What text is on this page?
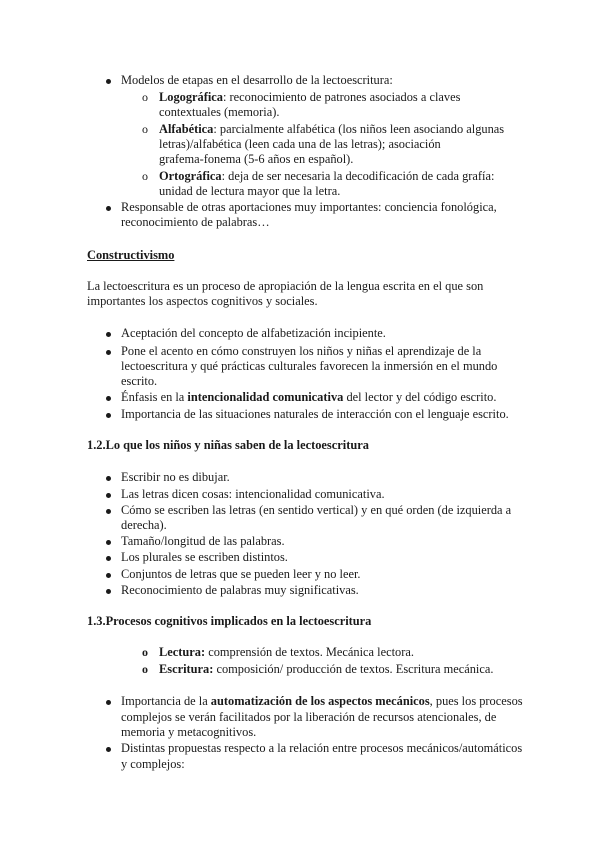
Modelos de etapas en el desarrollo de la lectoescritura:
o Logográfica: reconocimiento de patrones asociados a claves
contextuales (memoria).
o Alfabética: parcialmente alfabética (los niños leen asociando algunas
letras)/alfabética (leen cada una de las letras); asociación
grafema-fonema (5-6 años en español).
o Ortográfica: deja de ser necesaria la decodificación de cada grafía:
unidad de lectura mayor que la letra.
Responsable de otras aportaciones muy importantes: conciencia fonológica,
reconocimiento de palabras…
Constructivismo
La lectoescritura es un proceso de apropiación de la lengua escrita en el que son
importantes los aspectos cognitivos y sociales.
Aceptación del concepto de alfabetización incipiente.
Pone el acento en cómo construyen los niños y niñas el aprendizaje de la
lectoescritura y qué prácticas culturales favorecen la inmersión en el mundo
escrito.
Énfasis en la intencionalidad comunicativa del lector y del código escrito.
Importancia de las situaciones naturales de interacción con el lenguaje escrito.
1.2.Lo que los niños y niñas saben de la lectoescritura
Escribir no es dibujar.
Las letras dicen cosas: intencionalidad comunicativa.
Cómo se escriben las letras (en sentido vertical) y en qué orden (de izquierda a
derecha).
Tamaño/longitud de las palabras.
Los plurales se escriben distintos.
Conjuntos de letras que se pueden leer y no leer.
Reconocimiento de palabras muy significativas.
1.3.Procesos cognitivos implicados en la lectoescritura
o Lectura: comprensión de textos. Mecánica lectora.
o Escritura: composición/ producción de textos. Escritura mecánica.
Importancia de la automatización de los aspectos mecánicos, pues los procesos
complejos se verán facilitados por la liberación de recursos atencionales, de
memoria y metacognitivos.
Distintas propuestas respecto a la relación entre procesos mecánicos/automáticos
y complejos:
